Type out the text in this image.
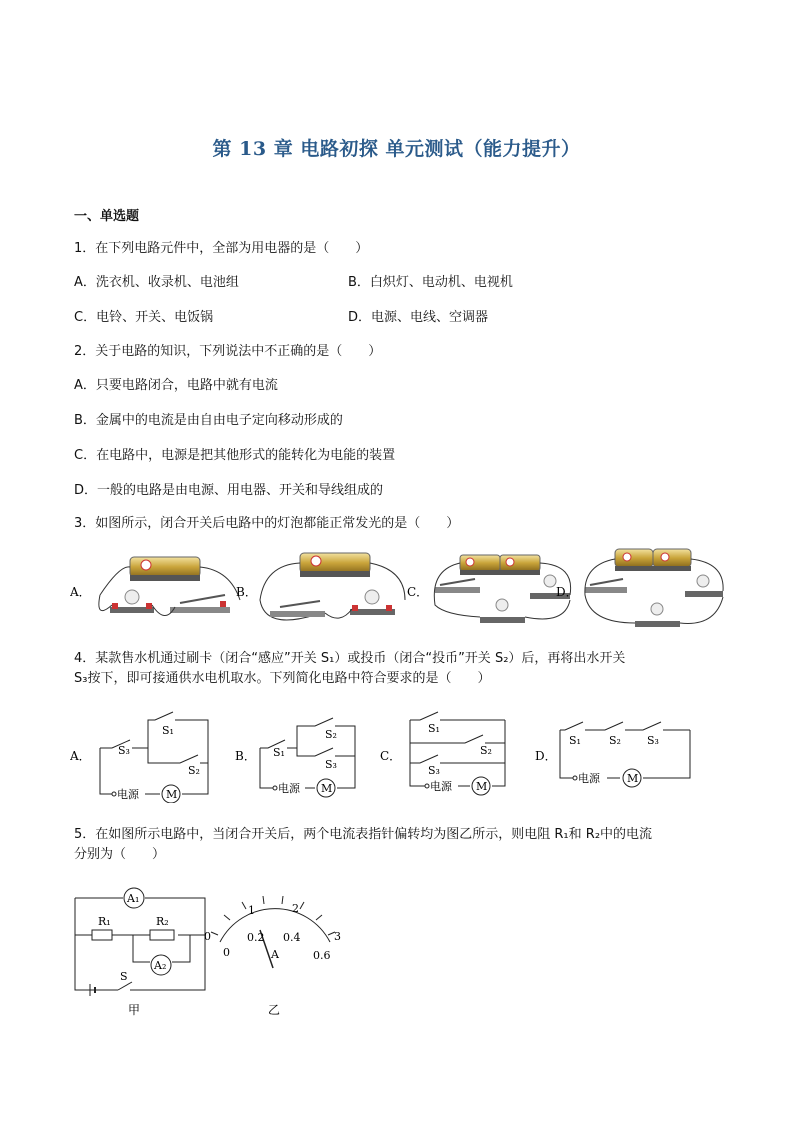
第 13 章 电路初探 单元测试（能力提升）
一、单选题
1．在下列电路元件中，全部为用电器的是（　　）
A．洗衣机、收录机、电池组	B．白炽灯、电动机、电视机
C．电铃、开关、电饭锅	D．电源、电线、空调器
2．关于电路的知识，下列说法中不正确的是（　　）
A．只要电路闭合，电路中就有电流
B．金属中的电流是由自由电子定向移动形成的
C．在电路中，电源是把其他形式的能转化为电能的装置
D．一般的电路是由电源、用电器、开关和导线组成的
3．如图所示，闭合开关后电路中的灯泡都能正常发光的是（　　）
A．	B．	C．	D．
4．某款售水机通过刷卡（闭合“感应”开关 S₁）或投币（闭合“投币”开关 S₂）后，再将出水开关
S₃按下，即可接通供水电机取水。下列简化电路中符合要求的是（　　）
A．
电源 M
S₃
S₁
S₂
B．
电源 M
S₁
S₂
S₃
C．
电源 M
S₁
S₂
S₃
D．
电源 M
S₁	S₂ S₃
5．在如图所示电路中，当闭合开关后，两个电流表指针偏转均为图乙所示，则电阻 R₁和 R₂中的电流
分别为（　　）
A₁
R₁	R₂
A₂
S
甲
0
1	2
3
0
0.2 0.4
0.6
A
乙
